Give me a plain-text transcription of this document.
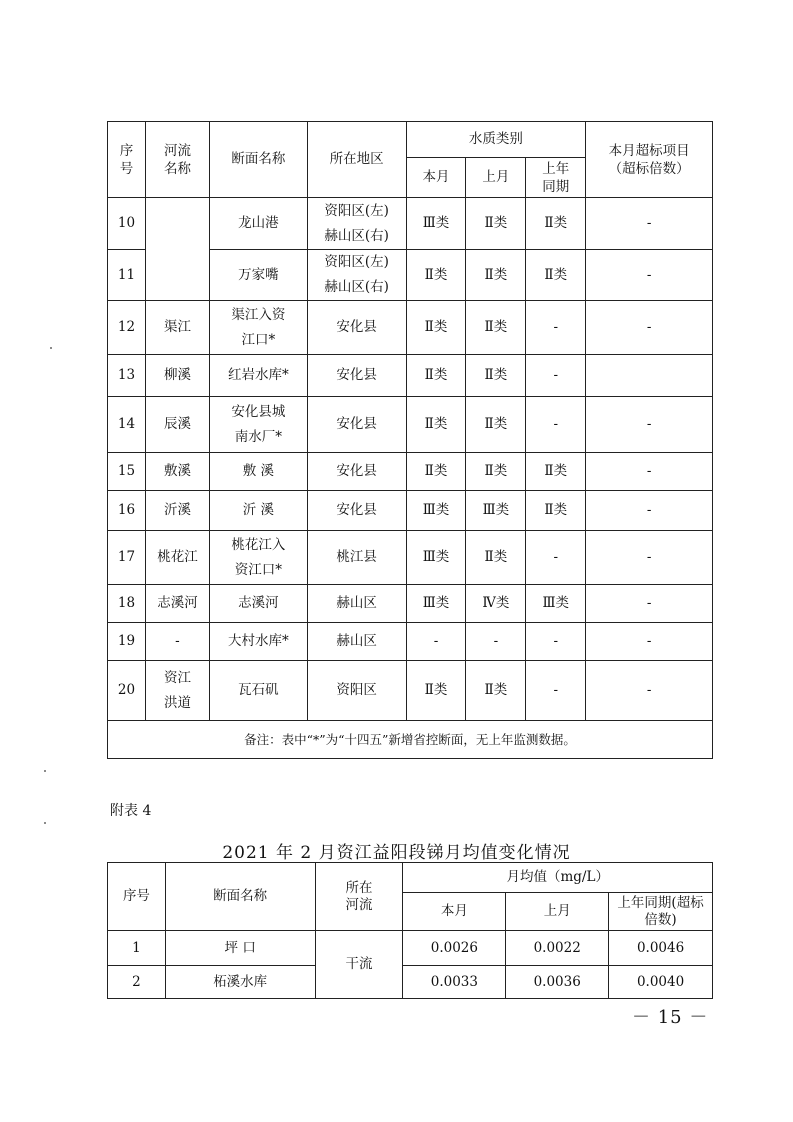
序号	河流名称	断面名称	所在地区	水质类别			本月超标项目（超标倍数）
				本月	上月	上年同期	
10		龙山港	资阳区(左)赫山区(右)	Ⅲ类	Ⅱ类	Ⅱ类	-
11		万家嘴	资阳区(左)赫山区(右)	Ⅱ类	Ⅱ类	Ⅱ类	-
12	渠江	渠江入资江口*	安化县	Ⅱ类	Ⅱ类	-	-
13	柳溪	红岩水库*	安化县	Ⅱ类	Ⅱ类	-	
14	辰溪	安化县城南水厂*	安化县	Ⅱ类	Ⅱ类	-	-
15	敷溪	敷 溪	安化县	Ⅱ类	Ⅱ类	Ⅱ类	-
16	沂溪	沂 溪	安化县	Ⅲ类	Ⅲ类	Ⅱ类	-
17	桃花江	桃花江入资江口*	桃江县	Ⅲ类	Ⅱ类	-	-
18	志溪河	志溪河	赫山区	Ⅲ类	Ⅳ类	Ⅲ类	-
19	-	大村水库*	赫山区	-	-	-	-
20	资江洪道	瓦石矶	资阳区	Ⅱ类	Ⅱ类	-	-
备注：表中“*”为“十四五”新增省控断面，无上年监测数据。							
附表 4
2021 年 2 月资江益阳段锑月均值变化情况
序号	断面名称	所在河流	月均值（mg/L）		
			本月	上月	上年同期(超标倍数)
1	坪 口	干流	0.0026	0.0022	0.0046
2	柘溪水库		0.0033	0.0036	0.0040
－ 15 －
